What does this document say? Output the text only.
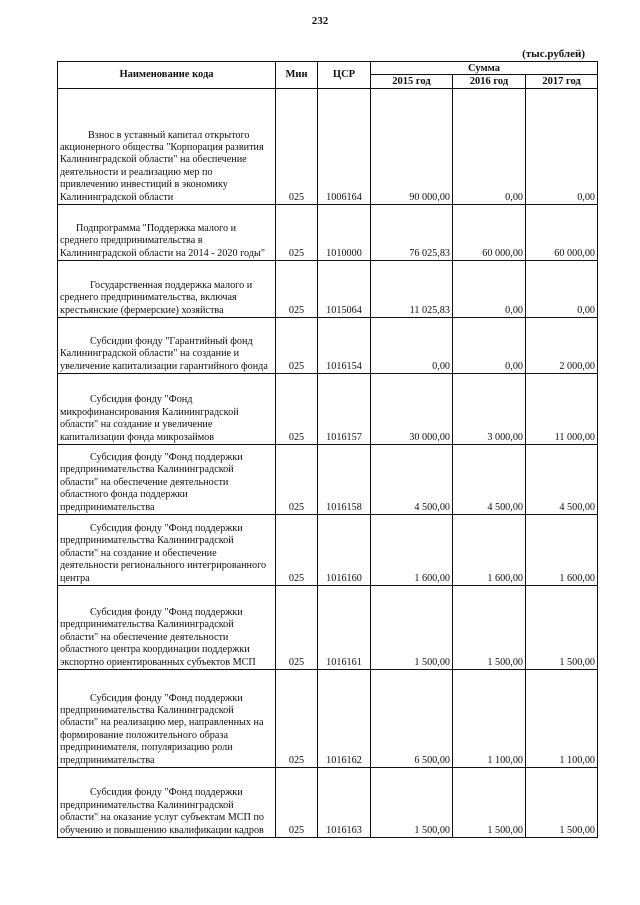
232
(тыс.рублей)
Наименование кода	Мин	ЦСР	Сумма		
			2015 год	2016 год	2017 год

Взнос в уставный капитал открытого акционерного общества "Корпорация развития Калининградской области" на обеспечение деятельности и реализацию мер по привлечению инвестиций в экономику Калининградской области	025	1006164	90 000,00	0,00	0,00

Подпрограмма "Поддержка малого и среднего предпринимательства в Калининградской области на 2014 - 2020 годы"	025	1010000	76 025,83	60 000,00	60 000,00

Государственная поддержка малого и среднего предпринимательства, включая крестьянские (фермерские) хозяйства	025	1015064	11 025,83	0,00	0,00

Субсидии фонду "Гарантийный фонд Калининградской области" на создание и увеличение капитализации гарантийного фонда	025	1016154	0,00	0,00	2 000,00

Субсидия фонду "Фонд микрофинансирования Калининградской области" на создание и увеличение капитализации фонда микрозаймов	025	1016157	30 000,00	3 000,00	11 000,00

Субсидия фонду "Фонд поддержки предпринимательства Калининградской области" на обеспечение деятельности областного фонда поддержки предпринимательства	025	1016158	4 500,00	4 500,00	4 500,00

Субсидия фонду "Фонд поддержки предпринимательства Калининградской области" на создание и обеспечение деятельности регионального интегрированного центра	025	1016160	1 600,00	1 600,00	1 600,00

Субсидия фонду "Фонд поддержки предпринимательства Калининградской области" на обеспечение деятельности областного центра координации поддержки экспортно ориентированных субъектов МСП	025	1016161	1 500,00	1 500,00	1 500,00

Субсидия фонду "Фонд поддержки предпринимательства Калининградской области" на реализацию мер, направленных на формирование положительного образа предпринимателя, популяризацию роли предпринимательства	025	1016162	6 500,00	1 100,00	1 100,00

Субсидия фонду "Фонд поддержки предпринимательства Калининградской области" на оказание услуг субъектам МСП по обучению и повышению квалификации кадров	025	1016163	1 500,00	1 500,00	1 500,00
